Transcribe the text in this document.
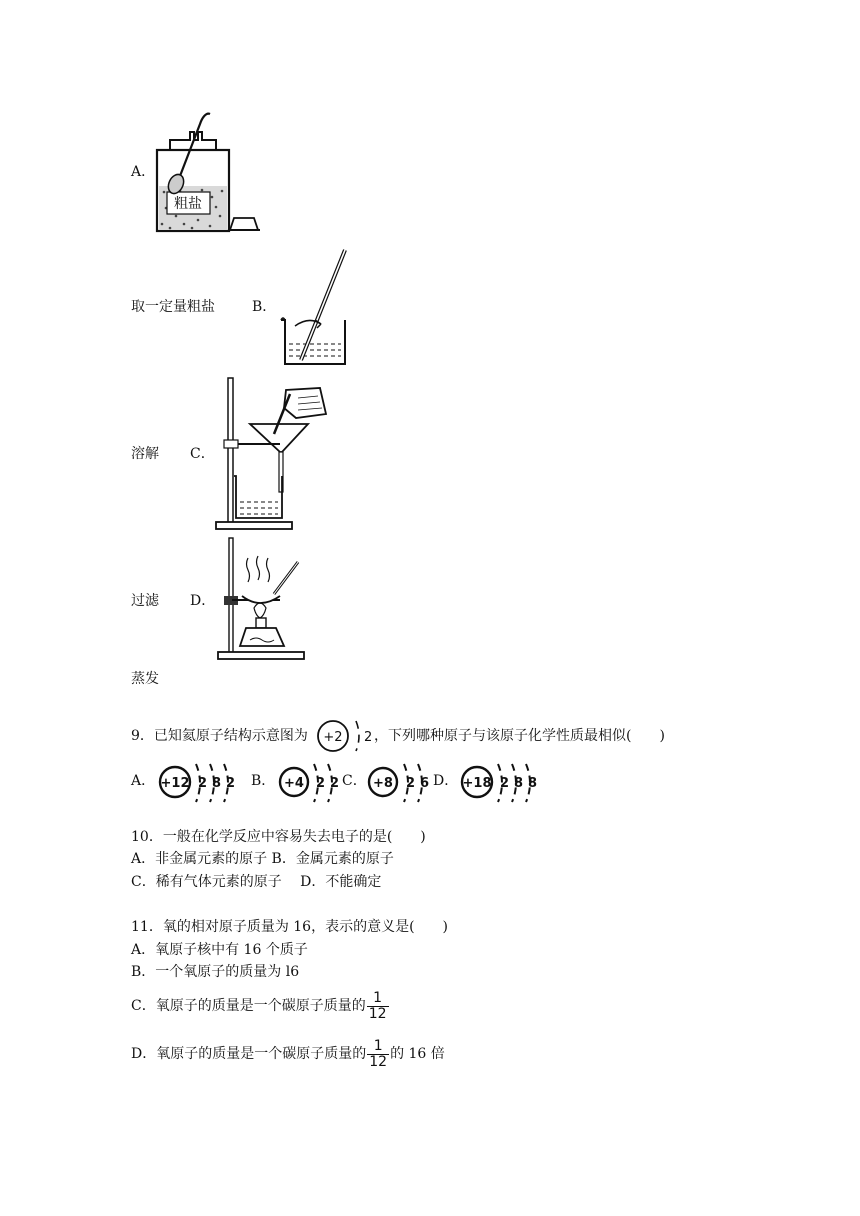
A．
粗盐
取一定量粗盐	B．
溶解 C．
过滤 D．
蒸发
9．已知氦原子结构示意图为 +2 2 ，下列哪种原子与该原子化学性质最相似(　　)
A． +12 2 8 2 B． +4 2 2 C． +8 2 6 D． +18 2 8 8
10．一般在化学反应中容易失去电子的是(　　)
A．非金属元素的原子 B．金属元素的原子
C．稀有气体元素的原子　 D．不能确定
11．氧的相对原子质量为 16，表示的意义是(　　)
A．氧原子核中有 16 个质子
B．一个氧原子的质量为 l6
C．氧原子的质量是一个碳原子质量的 $\frac{1}{12}$
D．氧原子的质量是一个碳原子质量的 $\frac{1}{12}$ 的 16 倍
